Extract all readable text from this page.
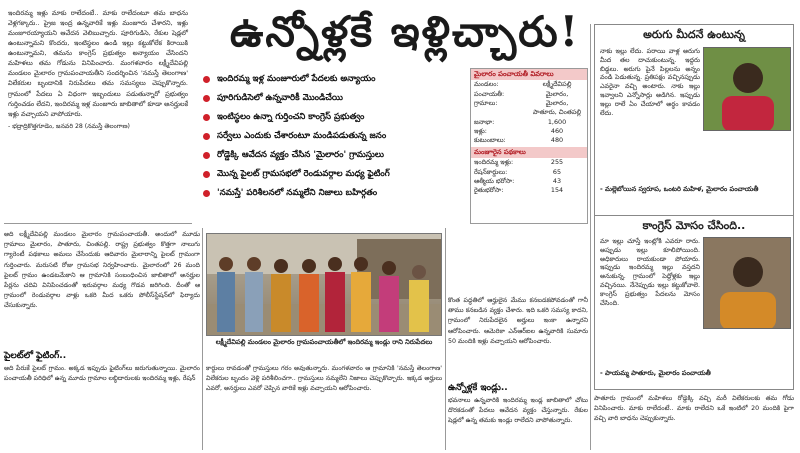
ఇందిరమ్మ ఇళ్లు మాకు రాలేదంటే.. మాకు రాలేదంటూ తమ బాధను వెళ్లగక్కారు.. ప్రైజ ఇంద్ర ఉన్నవారికే ఇళ్లు మంజూరు చేశారని, ఇళ్లు మంజూరయ్యాయని ఆవేదన వెలిబుచ్చారు. పూరిగుడిసె, రేకుల షెడ్లలో ఉంటున్నామని కొందరు, ఇంటిస్థలం ఉండి ఇల్లు కట్టుకోలేక కిరాయికి ఉంటున్నామని, తమను కాంగ్రెస్ ప్రభుత్వం అన్యాయం చేసిందని మహిళలు తమ గోడును వినిపించారు. మంగళవారం లక్ష్మీదేవిపల్లి మండలం మైలారం గ్రామపంచాయతీని సందర్శించిన 'నమస్తే తెలంగాణ' విలేకరుల బృందానికి నిరుపేదలు తమ సమస్యలు చెప్పుకొన్నారు. గ్రామంలో పేదలు ఏ విధంగా ఇబ్బందులు పడుతున్నారో ప్రభుత్వం గుర్తించడం లేదని, ఇందిరమ్మ ఇళ్ల మంజూరు జాబితాలో కూడా అనర్హులకే ఇళ్లు వచ్చాయని వాపోయారు.

- భద్రాద్రికొత్తగూడెం, జనవరి 28 (నమస్తే తెలంగాణ)

ఉన్నోళ్లకే ఇళ్లిచ్చారు!
ఇందిరమ్మ ఇళ్ల మంజూరులో పేదలకు అన్యాయం
పూరిగుడిసెలో ఉన్నవారికీ మొండిచేయి
ఇంటిస్థలం ఉన్నా గుర్తించని కాంగ్రెస్ ప్రభుత్వం
సర్వేలు ఎందుకు చేశారంటూ మండిపడుతున్న జనం
రోడ్డెక్కి ఆవేదన వ్యక్తం చేసిన 'మైలారం' గ్రామస్తులు
మొన్న పైలట్ గ్రామసభలో రెండువర్గాల మధ్య ఫైటింగ్
'నమస్తే' పరిశీలనలో నమ్మలేని నిజాలు బహిర్గతం
మైలారం పంచాయతీ వివరాలు
మండలం:	లక్ష్మీదేవిపల్లి
పంచాయతీ:	మైలారం,
గ్రామాలు:	మైలారం,
పాతూరు, చింతపల్లి
జనాభా:	1,600
ఇళ్లు:	460
కుటుంబాలు:	480
మంజూరైన పథకాలు
ఇందిరమ్మ ఇళ్లు:	255
రేషన్‌కార్డులు:	65
ఆత్మీయ భరోసా:	43
రైతుభరోసా:	154
అది లక్ష్మీదేవిపల్లి మండలం మైలారం గ్రామపంచాయతీ. అందులో మూడు గ్రామాలు మైలారం, పాతూరు, చింతపల్లి. రాష్ట్ర ప్రభుత్వం కొత్తగా నాలుగు గ్యారెంటీ పథకాలు అమలు చేసేందుకు ఆదివారం మైలారాన్ని పైలట్ గ్రామంగా గుర్తించారు. మరుసటి రోజు గ్రామసభ నిర్వహించారు. మైలారంలో 26 మంది పైలట్ గ్రామం ఉండటమేకాని ఆ గ్రామానికి సంబంధించిన జాబితాలో అనర్హుల పేర్లను చదివి వినిపించడంతో ఇరువర్గాల మధ్య గొడవ జరిగింది. దీంతో ఆ గ్రామంలో రెండువర్గాల వాళ్లు ఒకరి మీద ఒకరు పోలీస్‌స్టేషన్‌లో ఫిర్యాదు చేసుకున్నారు.
పైలట్‌లో ఫైటింగ్..
అది పేరుకే పైలట్ గ్రామం. అక్కడ ఇప్పుడు ఫైటింగ్‌లు జరుగుతున్నాయి. మైలారం పంచాయతీ పరిధిలో ఉన్న మూడు గ్రామాల లబ్ధిదారులకు ఇందిరమ్మ ఇళ్లు, రేషన్
లక్ష్మీదేవిపల్లి మండలం మైలారం గ్రామపంచాయతీలో ఇందిరమ్మ ఇండ్లు రాని నిరుపేదలు
కార్డులు రావడంతో గ్రామస్తులు గరం అవుతున్నారు. మంగళవారం ఆ గ్రామానికి 'నమస్తే తెలంగాణ' విలేకరుల బృందం వెళ్లి పరిశీలించగా.. గ్రామస్తులు నమ్మలేని నిజాలు చెప్పుకొచ్చారు. ఇక్కడ అర్హులు ఎవరో, అనర్హులు ఎవరో చెప్పిన వారికే ఇళ్లు వచ్చాయని ఆరోపించారు.
కొంత పద్ధతిలో ఆర్హులైన మేము కనబడకపోవడంతో గానీ తాము కనబడిన వ్యక్తం చేశారు. ఇది ఒకరి సమస్య కాదని, గ్రామంలో నిరుపేదలైన అర్హులు ఇంకా ఉన్నారని ఆరోపించారు. ఆమెరికా ఎన్‌ఆర్‌ఐల ఉన్నవారికి సుమారు 50 మందికి ఇళ్లు వచ్చాయని ఆరోపించారు.
ఉన్నోళ్లకే ఇండ్లు..
భవనాలు ఉన్నవారికి ఇందిరమ్మ ఇండ్ల జాబితాలో చోటు దొరకడంతో పేదలు ఆవేదన వ్యక్తం చేస్తున్నారు. రేకుల షెడ్లలో ఉన్న తమకు ఇండ్లు రాలేదని వాపోతున్నారు.
అరుగు మీదనే ఉంటున్న
నాకు ఇల్లు లేదు. పరాయి వాళ్ల అరుగు మీద తల దాచుకుంటున్న. ఇద్దరు బిడ్డలు. అరుగు పైనే పిల్లలను అన్నం వండి పెడుతున్న. ప్రతిపక్షం వచ్చినప్పుడు ఎవరైనా వచ్చి అంటారు. నాకు ఇల్లు ఇవ్వాలని ఎన్నోసార్లు అడిగిన. ఇప్పుడు ఇల్లు రాలే ఏం చేయాలో అర్థం కావడం లేదు.
- మల్లెబోయిన స్వరూప, ఒంటరి మహిళ, మైలారం పంచాయతీ
కాంగ్రెస్ మోసం చేసింది..
మా ఇల్లు చూస్తే ఇంట్లోకి ఎవరూ రారు. అప్పుడు ఇల్లు కూలిపోయింది. అధికారులు రాయకుండా పోయారు. ఇప్పుడు ఇందిరమ్మ ఇల్లు వస్తదని అనుకున్న. గ్రామంలో పెద్దోళ్లకు ఇల్లు వచ్చినయి. నేనెప్పుడు ఇల్లు కట్టుకోవాలె. కాంగ్రెస్ ప్రభుత్వం పేదలను మోసం చేసింది.
- పాయమ్మ పాతూరు, మైలారం పంచాయతీ
పాతూరు గ్రామంలో మహిళలు రోడ్డెక్కి వచ్చి మరీ విలేకరులకు తమ గోడు వినిపించారు. మాకు రాలేదంటే.. మాకు రాలేదని ఒకే ఇంటిలో 20 మందికి పైగా వచ్చి వారి బాధను చెప్పుకున్నారు.
